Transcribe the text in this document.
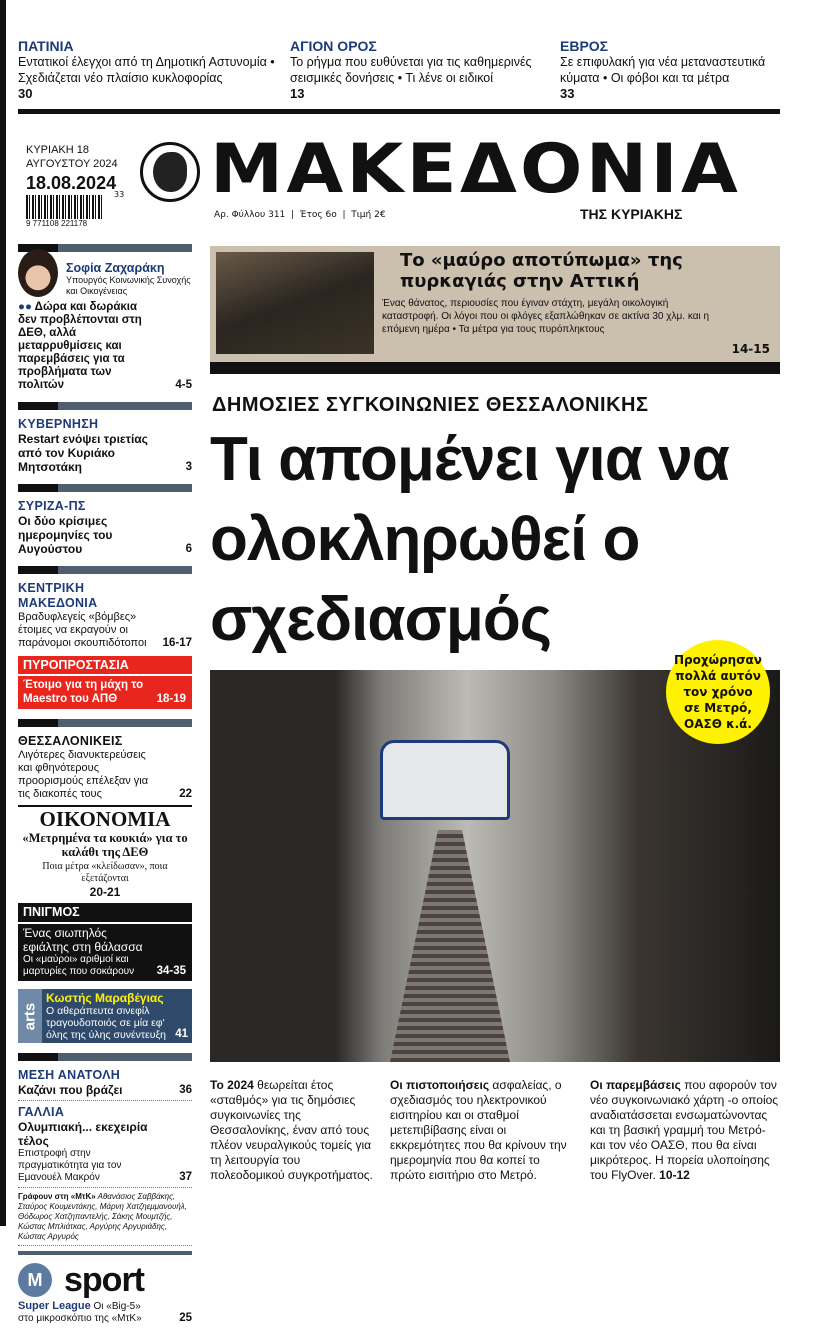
ΠΑΤΙΝΙΑ
Εντατικοί έλεγχοι από τη Δημοτική Αστυνομία • Σχεδιάζεται νέο πλαίσιο κυκλοφορίας
30
ΑΓΙΟΝ ΟΡΟΣ
Το ρήγμα που ευθύνεται για τις καθημερινές σεισμικές δονήσεις • Τι λένε οι ειδικοί
13
ΕΒΡΟΣ
Σε επιφυλακή για νέα μεταναστευτικά κύματα • Οι φόβοι και τα μέτρα
33
ΚΥΡΙΑΚΗ 18
ΑΥΓΟΥΣΤΟΥ 2024
18.08.2024
9 771108 221178
33 ΜΑΚΕΔΟΝΙΑ
ΤΗΣ ΚΥΡΙΑΚΗΣ
Αρ. Φύλλου 311  |  Έτος 6ο  |  Τιμή 2€
Το «μαύρο αποτύπωμα» της πυρκαγιάς στην Αττική
Ένας θάνατος, περιουσίες που έγιναν στάχτη, μεγάλη οικολογική καταστροφή. Οι λόγοι που οι φλόγες εξαπλώθηκαν σε ακτίνα 30 χλμ. και η επόμενη ημέρα • Τα μέτρα για τους πυρόπληκτους
14-15
ΔΗΜΟΣΙΕΣ ΣΥΓΚΟΙΝΩΝΙΕΣ ΘΕΣΣΑΛΟΝΙΚΗΣ
Τι απομένει για να ολοκληρωθεί ο σχεδιασμός
Προχώρησαν πολλά αυτόν τον χρόνο σε Μετρό, ΟΑΣΘ κ.ά.
Το 2024 θεωρείται έτος «σταθμός» για τις δημόσιες συγκοινωνίες της Θεσσαλονίκης, έναν από τους πλέον νευραλγικούς τομείς για τη λειτουργία του πολεοδομικού συγκροτήματος.
Οι πιστοποιήσεις ασφαλείας, ο σχεδιασμός του ηλεκτρονικού εισιτηρίου και οι σταθμοί μετεπιβίβασης είναι οι εκκρεμότητες που θα κρίνουν την ημερομηνία που θα κοπεί το πρώτο εισιτήριο στο Μετρό.
Οι παρεμβάσεις που αφορούν τον νέο συγκοινωνιακό χάρτη -ο οποίος αναδιατάσσεται ενσωματώνοντας και τη βασική γραμμή του Μετρό- και τον νέο ΟΑΣΘ, που θα είναι μικρότερος. Η πορεία υλοποίησης του FlyOver. 10-12
Σοφία Ζαχαράκη
Υπουργός Κοινωνικής Συνοχής και Οικογένειας
●● Δώρα και δωράκια δεν προβλέπονται στη ΔΕΘ, αλλά μεταρρυθμίσεις και παρεμβάσεις για τα προβλήματα των πολιτών	4-5
ΚΥΒΕΡΝΗΣΗ
Restart ενόψει τριετίας από τον Κυριάκο Μητσοτάκη	3
ΣΥΡΙΖΑ-ΠΣ
Οι δύο κρίσιμες ημερομηνίες του Αυγούστου	6
ΚΕΝΤΡΙΚΗ ΜΑΚΕΔΟΝΙΑ
Βραδυφλεγείς «βόμβες» έτοιμες να εκραγούν οι παράνομοι σκουπιδότοποι	16-17
ΠΥΡΟΠΡΟΣΤΑΣΙΑ
Έτοιμο για τη μάχη το Maestro του ΑΠΘ	18-19
ΘΕΣΣΑΛΟΝΙΚΕΙΣ
Λιγότερες διανυκτερεύσεις και φθηνότερους προορισμούς επέλεξαν για τις διακοπές τους	22
ΟΙΚΟΝΟΜΙΑ
«Μετρημένα τα κουκιά» για το καλάθι της ΔΕΘ
Ποια μέτρα «κλείδωσαν», ποια εξετάζονται
20-21
ΠΝΙΓΜΟΣ
Ένας σιωπηλός εφιάλτης στη θάλασσα
Οι «μαύροι» αριθμοί και μαρτυρίες που σοκάρουν	34-35
arts
Κωστής Μαραβέγιας
Ο αθεράπευτα σινεφίλ τραγουδοποιός σε μία εφ' όλης της ύλης συνέντευξη 41
ΜΕΣΗ ΑΝΑΤΟΛΗ
Καζάνι που βράζει	36
ΓΑΛΛΙΑ
Ολυμπιακή... εκεχειρία τέλος
Επιστροφή στην πραγματικότητα για τον Εμανουέλ Μακρόν	37
Γράφουν στη «ΜτΚ» Αθανάσιος Σαββάκης, Σταύρος Κουμεντάκης, Μάρνη Χατζηεμμανουήλ, Θόδωρος Χατζηπαντελής, Σάκης Μουμτζής, Κώστας Μπλιάτκας, Αργύρης Αργυριάδης, Κώστας Αργυρός
M sport
Super League Οι «Big-5» στο μικροσκόπιο της «ΜτΚ»	25
